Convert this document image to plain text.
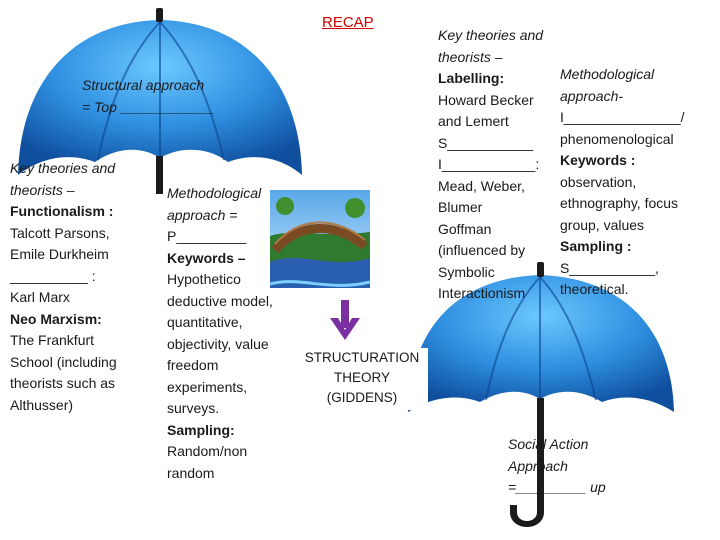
RECAP
Structural approach
= Top ____________
Key theories and
theorists –
Functionalism :
Talcott Parsons,
Emile Durkheim
__________ :
Karl Marx
Neo Marxism:
The Frankfurt
School (including
theorists such as
Althusser)
Methodological
approach =
P_________
Keywords –
Hypothetico
deductive model,
quantitative,
objectivity, value
freedom
experiments,
surveys.
Sampling:
Random/non
random
STRUCTURATION
THEORY
(GIDDENS)
Key theories and
theorists –
Labelling:
Howard Becker
and Lemert
S___________
I____________:
Mead, Weber,
Blumer
Goffman
(influenced by
Symbolic
Interactionism
Methodological
approach-
I_______________/
phenomenological
Keywords :
observation,
ethnography, focus
group, values
Sampling :
S___________,
theoretical.
Social Action
Approach
=_________ up
